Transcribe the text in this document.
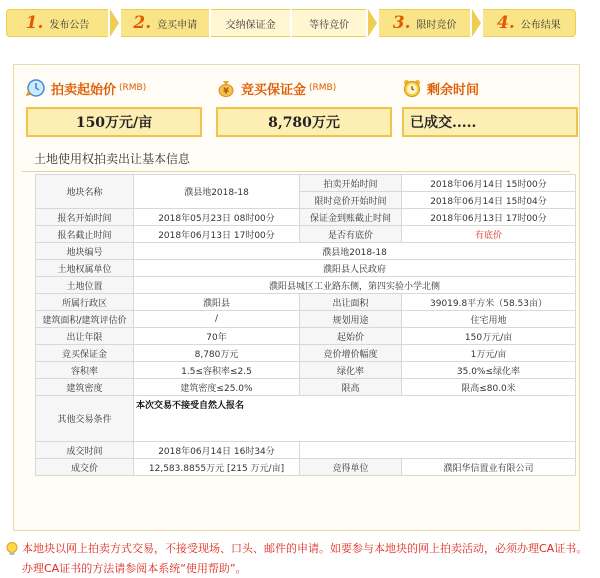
1. 发布公告	2. 竞买申请	交纳保证金	等待竞价	3. 限时竞价 4. 公布结果
拍卖起始价 (RMB)
150万元/亩
¥ 竞买保证金 (RMB)
8,780万元
剩余时间
已成交.....
土地使用权拍卖出让基本信息
地块名称	濮县地2018-18	拍卖开始时间	2018年06月14日 15时00分
		限时竞价开始时间	2018年06月14日 15时04分
报名开始时间	2018年05月23日 08时00分	保证金到账截止时间	2018年06月13日 17时00分
报名截止时间	2018年06月13日 17时00分	是否有底价	有底价
地块编号	濮县地2018-18		
土地权属单位	濮阳县人民政府		
土地位置	濮阳县城区工业路东侧，第四实验小学北侧		
所属行政区	濮阳县	出让面积	39019.8平方米（58.53亩）
建筑面积/建筑评估价	/	规划用途	住宅用地
出让年限	70年	起始价	150万元/亩
竞买保证金	8,780万元	竞价增价幅度	1万元/亩
容积率	1.5≤容积率≤2.5	绿化率	35.0%≤绿化率
建筑密度	建筑密度≤25.0%	限高	限高≤80.0米
其他交易条件	本次交易不接受自然人报名		
成交时间	2018年06月14日 16时34分		
成交价	12,583.8855万元 [215 万元/亩]	竞得单位	濮阳华信置业有限公司
本地块以网上拍卖方式交易，不接受现场、口头、邮件的申请。如要参与本地块的网上拍卖活动，必须办理CA证书。办理CA证书的方法请参阅本系统“使用帮助”。
